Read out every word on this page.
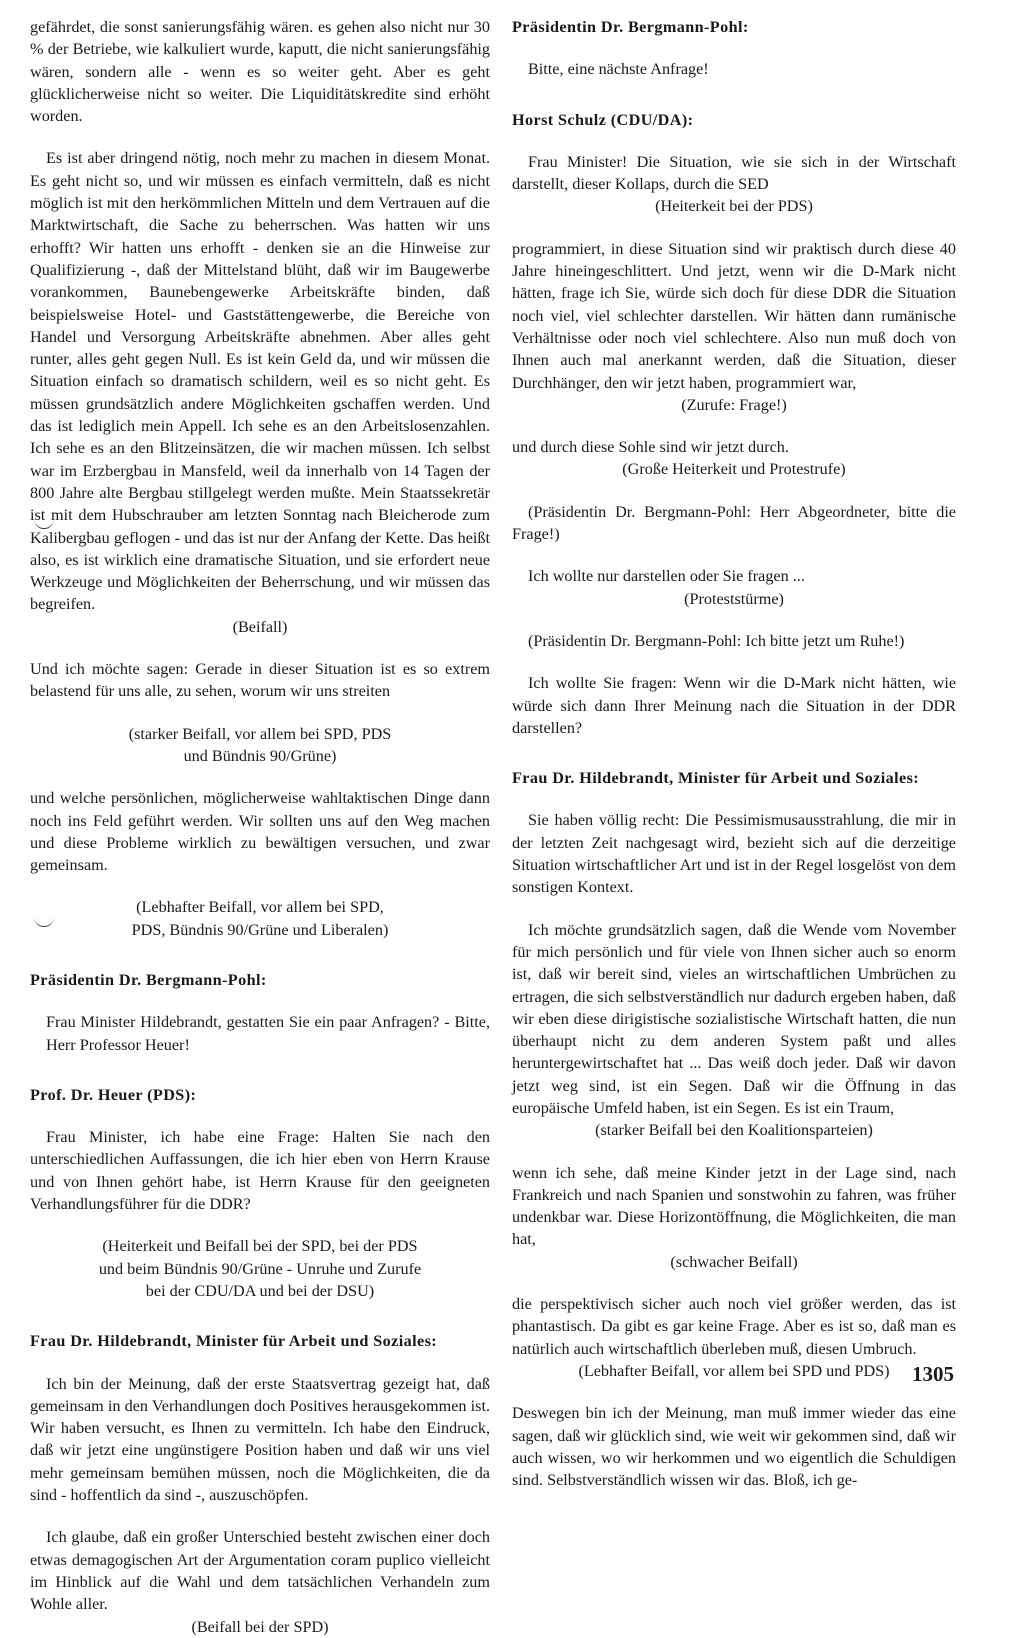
gefährdet, die sonst sanierungsfähig wären. es gehen also nicht nur 30 % der Betriebe, wie kalkuliert wurde, kaputt, die nicht sanierungsfähig wären, sondern alle - wenn es so weiter geht. Aber es geht glücklicherweise nicht so weiter. Die Liquiditätskredite sind erhöht worden.

Es ist aber dringend nötig, noch mehr zu machen in diesem Monat. Es geht nicht so, und wir müssen es einfach vermitteln, daß es nicht möglich ist mit den herkömmlichen Mitteln und dem Vertrauen auf die Marktwirtschaft, die Sache zu beherrschen. Was hatten wir uns erhofft? Wir hatten uns erhofft - denken sie an die Hinweise zur Qualifizierung -, daß der Mittelstand blüht, daß wir im Baugewerbe vorankommen, Baunebengewerke Arbeitskräfte binden, daß beispielsweise Hotel- und Gaststättengewerbe, die Bereiche von Handel und Versorgung Arbeitskräfte abnehmen. Aber alles geht runter, alles geht gegen Null. Es ist kein Geld da, und wir müssen die Situation einfach so dramatisch schildern, weil es so nicht geht. Es müssen grundsätzlich andere Möglichkeiten gschaffen werden. Und das ist lediglich mein Appell. Ich sehe es an den Arbeitslosenzahlen. Ich sehe es an den Blitzeinsätzen, die wir machen müssen. Ich selbst war im Erzbergbau in Mansfeld, weil da innerhalb von 14 Tagen der 800 Jahre alte Bergbau stillgelegt werden mußte. Mein Staatssekretär ist mit dem Hubschrauber am letzten Sonntag nach Bleicherode zum Kalibergbau geflogen - und das ist nur der Anfang der Kette. Das heißt also, es ist wirklich eine dramatische Situation, und sie erfordert neue Werkzeuge und Möglichkeiten der Beherrschung, und wir müssen das begreifen.

(Beifall)

Und ich möchte sagen: Gerade in dieser Situation ist es so extrem belastend für uns alle, zu sehen, worum wir uns streiten

(starker Beifall, vor allem bei SPD, PDS

und Bündnis 90/Grüne)

und welche persönlichen, möglicherweise wahltaktischen Dinge dann noch ins Feld geführt werden. Wir sollten uns auf den Weg machen und diese Probleme wirklich zu bewältigen versuchen, und zwar gemeinsam.

(Lebhafter Beifall, vor allem bei SPD,

PDS, Bündnis 90/Grüne und Liberalen)

Präsidentin Dr. Bergmann-Pohl:

Frau Minister Hildebrandt, gestatten Sie ein paar Anfragen? - Bitte, Herr Professor Heuer!

Prof. Dr. Heuer (PDS):

Frau Minister, ich habe eine Frage: Halten Sie nach den unterschiedlichen Auffassungen, die ich hier eben von Herrn Krause und von Ihnen gehört habe, ist Herrn Krause für den geeigneten Verhandlungsführer für die DDR?

(Heiterkeit und Beifall bei der SPD, bei der PDS

und beim Bündnis 90/Grüne - Unruhe und Zurufe

bei der CDU/DA und bei der DSU)

Frau Dr. Hildebrandt, Minister für Arbeit und Soziales:

Ich bin der Meinung, daß der erste Staatsvertrag gezeigt hat, daß gemeinsam in den Verhandlungen doch Positives herausgekommen ist. Wir haben versucht, es Ihnen zu vermitteln. Ich habe den Eindruck, daß wir jetzt eine ungünstigere Position haben und daß wir uns viel mehr gemeinsam bemühen müssen, noch die Möglichkeiten, die da sind - hoffentlich da sind -, auszuschöpfen.

Ich glaube, daß ein großer Unterschied besteht zwischen einer doch etwas demagogischen Art der Argumentation coram puplico vielleicht im Hinblick auf die Wahl und dem tatsächlichen Verhandeln zum Wohle aller.

(Beifall bei der SPD)

Präsidentin Dr. Bergmann-Pohl:

Bitte, eine nächste Anfrage!

Horst Schulz (CDU/DA):

Frau Minister! Die Situation, wie sie sich in der Wirtschaft darstellt, dieser Kollaps, durch die SED

(Heiterkeit bei der PDS)

programmiert, in diese Situation sind wir praktisch durch diese 40 Jahre hineingeschlittert. Und jetzt, wenn wir die D-Mark nicht hätten, frage ich Sie, würde sich doch für diese DDR die Situation noch viel, viel schlechter darstellen. Wir hätten dann rumänische Verhältnisse oder noch viel schlechtere. Also nun muß doch von Ihnen auch mal anerkannt werden, daß die Situation, dieser Durchhänger, den wir jetzt haben, programmiert war,

(Zurufe: Frage!)

und durch diese Sohle sind wir jetzt durch.

(Große Heiterkeit und Protestrufe)

(Präsidentin Dr. Bergmann-Pohl: Herr Abgeordneter, bitte die Frage!)

Ich wollte nur darstellen oder Sie fragen ...

(Proteststürme)

(Präsidentin Dr. Bergmann-Pohl: Ich bitte jetzt um Ruhe!)

Ich wollte Sie fragen: Wenn wir die D-Mark nicht hätten, wie würde sich dann Ihrer Meinung nach die Situation in der DDR darstellen?

Frau Dr. Hildebrandt, Minister für Arbeit und Soziales:

Sie haben völlig recht: Die Pessimismusausstrahlung, die mir in der letzten Zeit nachgesagt wird, bezieht sich auf die derzeitige Situation wirtschaftlicher Art und ist in der Regel losgelöst von dem sonstigen Kontext.

Ich möchte grundsätzlich sagen, daß die Wende vom November für mich persönlich und für viele von Ihnen sicher auch so enorm ist, daß wir bereit sind, vieles an wirtschaftlichen Umbrüchen zu ertragen, die sich selbstverständlich nur dadurch ergeben haben, daß wir eben diese dirigistische sozialistische Wirtschaft hatten, die nun überhaupt nicht zu dem anderen System paßt und alles heruntergewirtschaftet hat ... Das weiß doch jeder. Daß wir davon jetzt weg sind, ist ein Segen. Daß wir die Öffnung in das europäische Umfeld haben, ist ein Segen. Es ist ein Traum,

(starker Beifall bei den Koalitionsparteien)

wenn ich sehe, daß meine Kinder jetzt in der Lage sind, nach Frankreich und nach Spanien und sonstwohin zu fahren, was früher undenkbar war. Diese Horizontöffnung, die Möglichkeiten, die man hat,

(schwacher Beifall)

die perspektivisch sicher auch noch viel größer werden, das ist phantastisch. Da gibt es gar keine Frage. Aber es ist so, daß man es natürlich auch wirtschaftlich überleben muß, diesen Umbruch.

(Lebhafter Beifall, vor allem bei SPD und PDS)

Deswegen bin ich der Meinung, man muß immer wieder das eine sagen, daß wir glücklich sind, wie weit wir gekommen sind, daß wir auch wissen, wo wir herkommen und wo eigentlich die Schuldigen sind. Selbstverständlich wissen wir das. Bloß, ich ge-

1305
